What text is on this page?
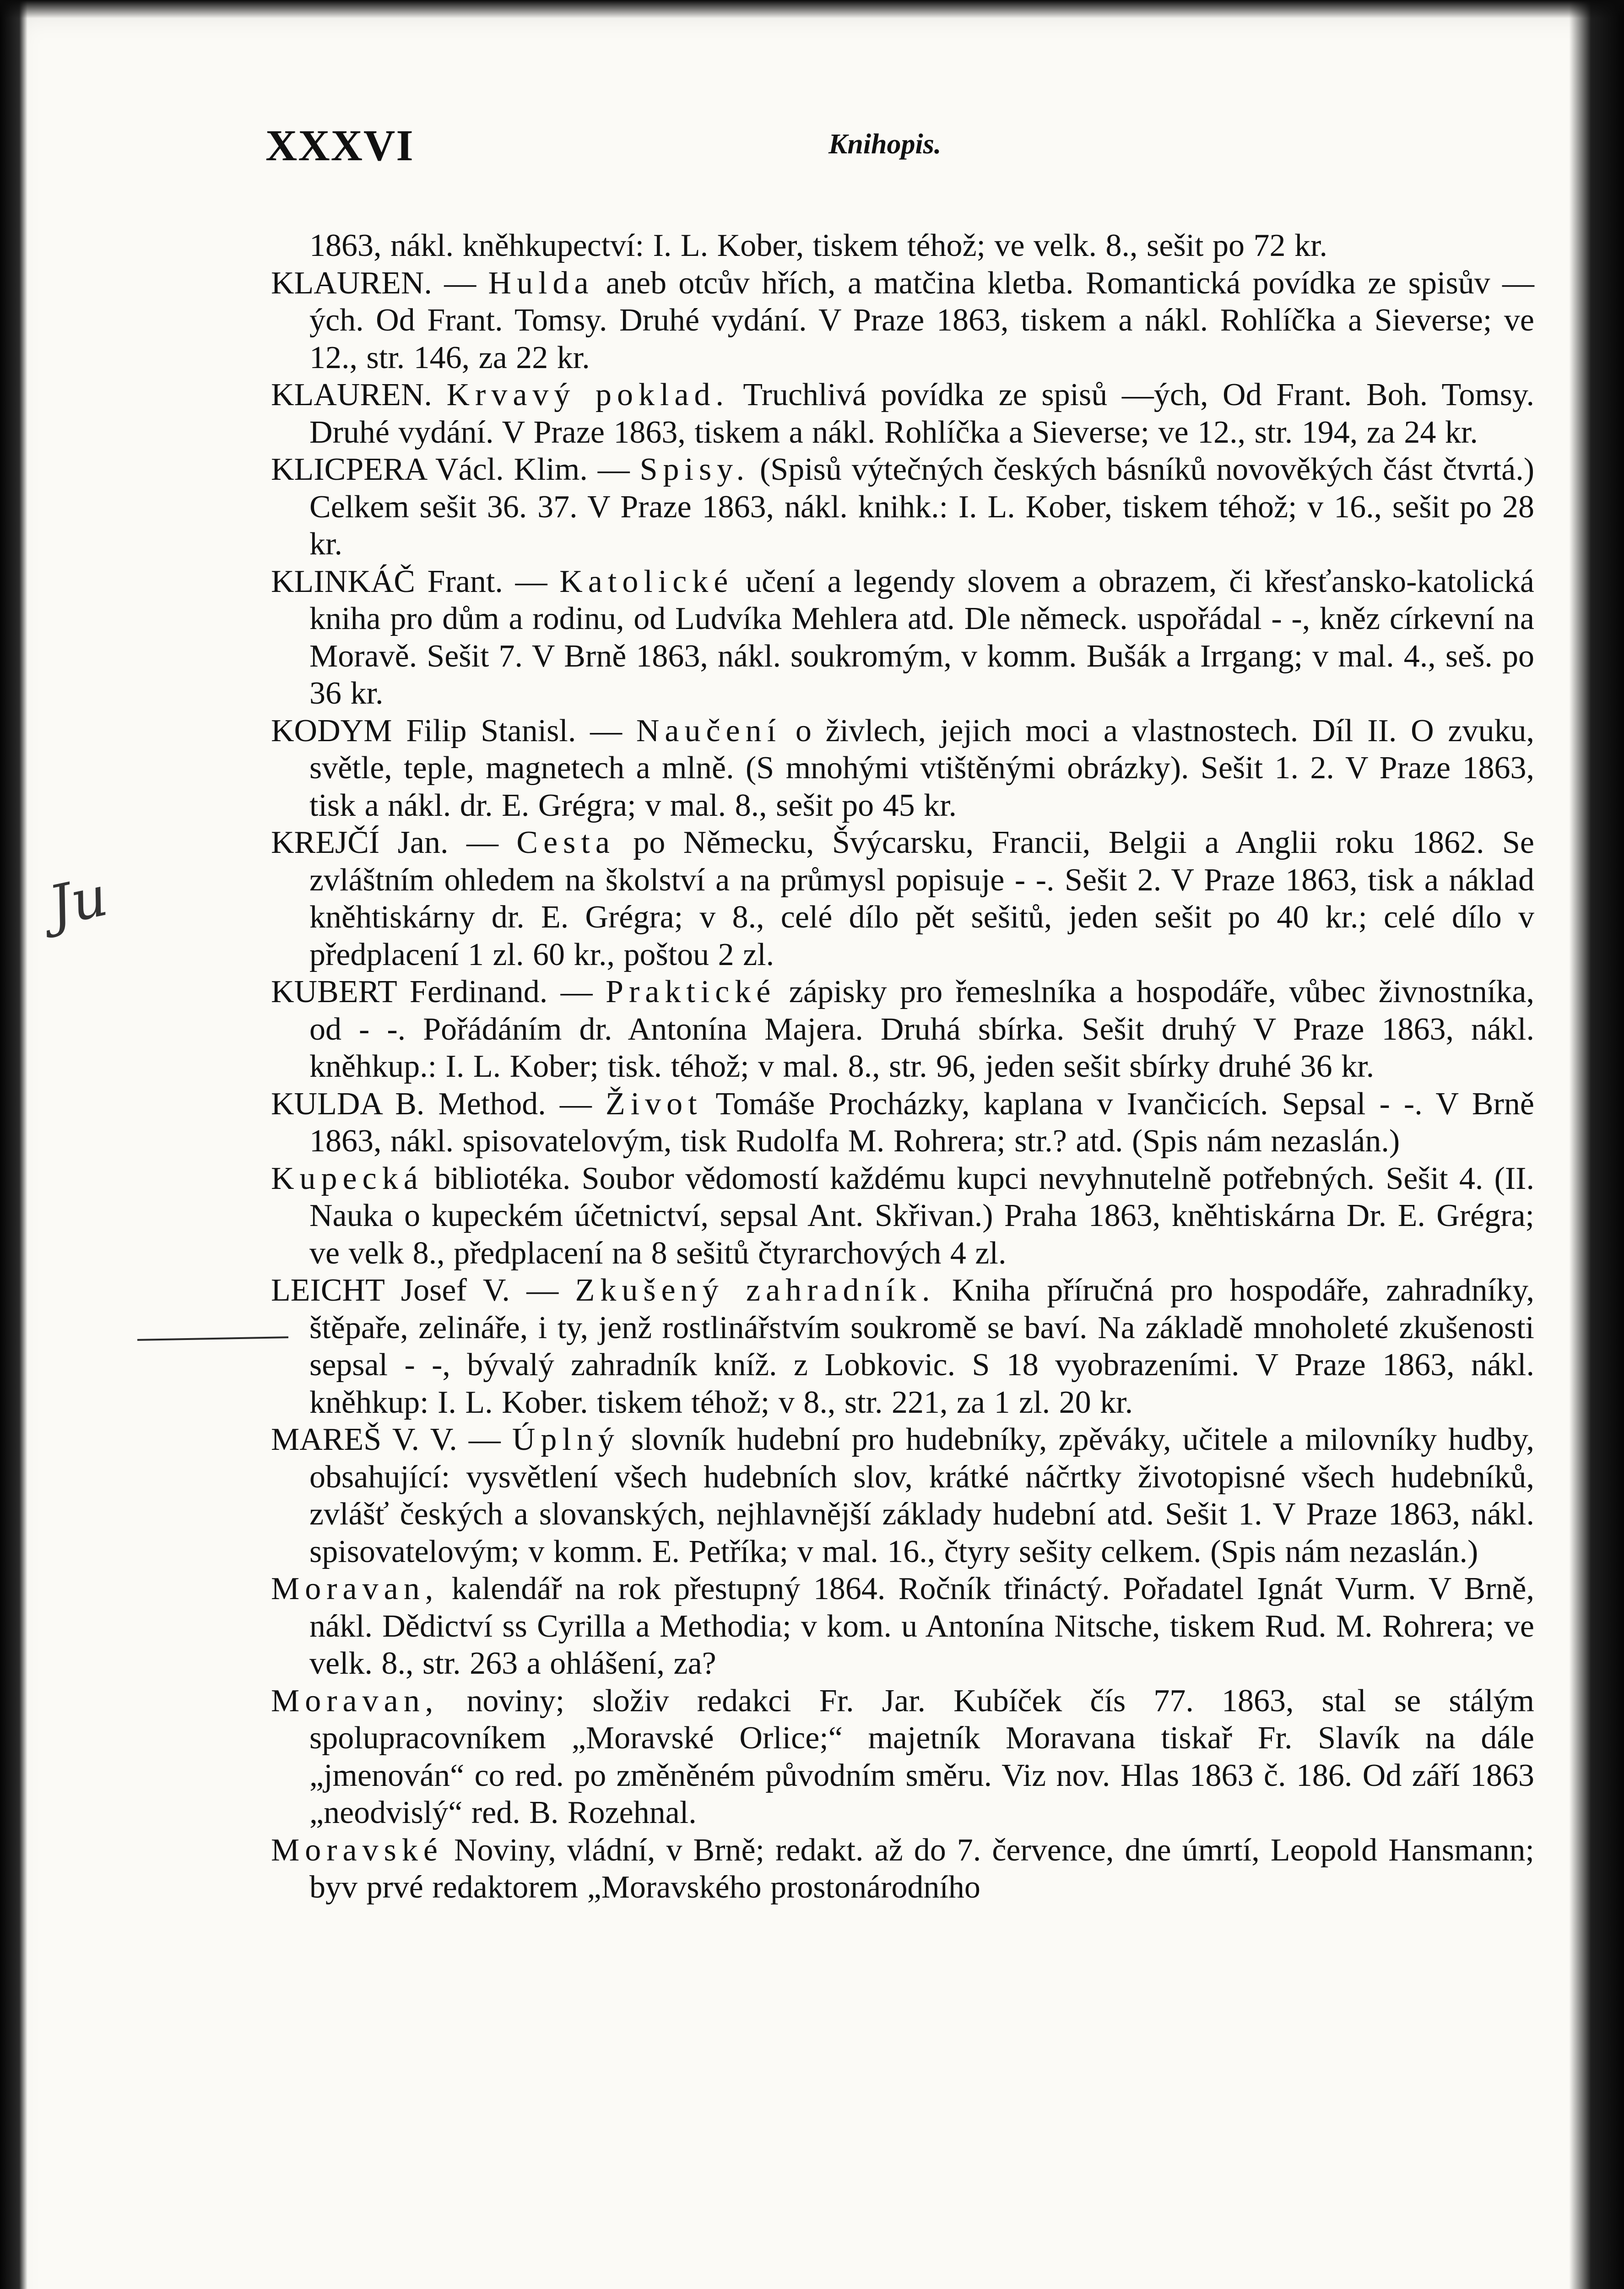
XXXVI	Knihopis.
Ju

1863, nákl. kněhkupectví: I. L. Kober, tiskem téhož; ve velk. 8., sešit po 72 kr.

KLAUREN. — Hulda aneb otcův hřích, a matčina kletba. Romantická povídka ze spisův —ých. Od Frant. Tomsy. Druhé vydání. V Praze 1863, tiskem a nákl. Rohlíčka a Sieverse; ve 12., str. 146, za 22 kr.

KLAUREN. Krvavý poklad. Truchlivá povídka ze spisů —ých, Od Frant. Boh. Tomsy. Druhé vydání. V Praze 1863, tiskem a nákl. Rohlíčka a Sieverse; ve 12., str. 194, za 24 kr.

KLICPERA Václ. Klim. — Spisy. (Spisů výtečných českých básníků novověkých část čtvrtá.) Celkem sešit 36. 37. V Praze 1863, nákl. knihk.: I. L. Kober, tiskem téhož; v 16., sešit po 28 kr.

KLINKÁČ Frant. — Katolické učení a legendy slovem a obrazem, či křesťansko-katolická kniha pro dům a rodinu, od Ludvíka Mehlera atd. Dle německ. uspořádal - -, kněz církevní na Moravě. Sešit 7. V Brně 1863, nákl. soukromým, v komm. Bušák a Irrgang; v mal. 4., seš. po 36 kr.

KODYM Filip Stanisl. — Naučení o živlech, jejich moci a vlastnostech. Díl II. O zvuku, světle, teple, magnetech a mlně. (S mnohými vtištěnými obrázky). Sešit 1. 2. V Praze 1863, tisk a nákl. dr. E. Grégra; v mal. 8., sešit po 45 kr.

KREJČÍ Jan. — Cesta po Německu, Švýcarsku, Francii, Belgii a Anglii roku 1862. Se zvláštním ohledem na školství a na průmysl popisuje - -. Sešit 2. V Praze 1863, tisk a náklad kněhtiskárny dr. E. Grégra; v 8., celé dílo pět sešitů, jeden sešit po 40 kr.; celé dílo v předplacení 1 zl. 60 kr., poštou 2 zl.

KUBERT Ferdinand. — Praktické zápisky pro řemeslníka a hospodáře, vůbec živnostníka, od - -. Pořádáním dr. Antonína Majera. Druhá sbírka. Sešit druhý V Praze 1863, nákl. kněhkup.: I. L. Kober; tisk. téhož; v mal. 8., str. 96, jeden sešit sbírky druhé 36 kr.

KULDA B. Method. — Život Tomáše Procházky, kaplana v Ivančicích. Sepsal - -. V Brně 1863, nákl. spisovatelovým, tisk Rudolfa M. Rohrera; str.? atd. (Spis nám nezaslán.)

Kupecká bibliotéka. Soubor vědomostí každému kupci nevyhnutelně potřebných. Sešit 4. (II. Nauka o kupeckém účetnictví, sepsal Ant. Skřivan.) Praha 1863, kněhtiskárna Dr. E. Grégra; ve velk 8., předplacení na 8 sešitů čtyrarchových 4 zl.

LEICHT Josef V. — Zkušený zahradník. Kniha příručná pro hospodáře, zahradníky, štěpaře, zelináře, i ty, jenž rostlinářstvím soukromě se baví. Na základě mnoholeté zkušenosti sepsal - -, bývalý zahradník kníž. z Lobkovic. S 18 vyobrazeními. V Praze 1863, nákl. kněhkup: I. L. Kober. tiskem téhož; v 8., str. 221, za 1 zl. 20 kr.

MAREŠ V. V. — Úplný slovník hudební pro hudebníky, zpěváky, učitele a milovníky hudby, obsahující: vysvětlení všech hudebních slov, krátké náčrtky životopisné všech hudebníků, zvlášť českých a slovanských, nejhlavnější základy hudební atd. Sešit 1. V Praze 1863, nákl. spisovatelovým; v komm. E. Petříka; v mal. 16., čtyry sešity celkem. (Spis nám nezaslán.)

Moravan, kalendář na rok přestupný 1864. Ročník třináctý. Pořadatel Ignát Vurm. V Brně, nákl. Dědictví ss Cyrilla a Methodia; v kom. u Antonína Nitsche, tiskem Rud. M. Rohrera; ve velk. 8., str. 263 a ohlášení, za?

Moravan, noviny; složiv redakci Fr. Jar. Kubíček čís 77. 1863, stal se stálým spolupracovníkem „Moravské Orlice;“ majetník Moravana tiskař Fr. Slavík na dále „jmenován“ co red. po změněném původním směru. Viz nov. Hlas 1863 č. 186. Od září 1863 „neodvislý“ red. B. Rozehnal.

Moravské Noviny, vládní, v Brně; redakt. až do 7. července, dne úmrtí, Leopold Hansmann; byv prvé redaktorem „Moravského prostonárodního
